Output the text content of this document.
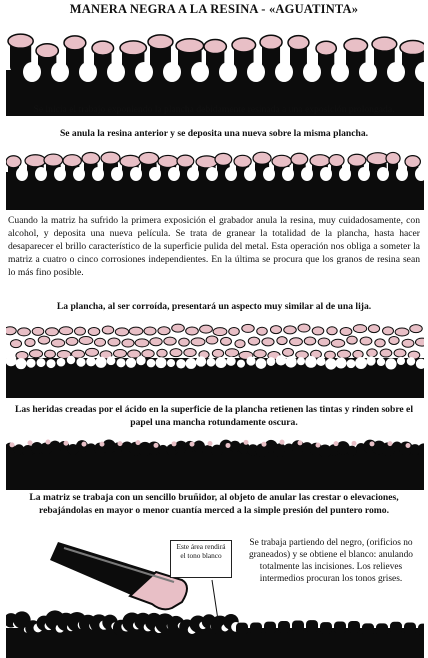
MANERA NEGRA A LA RESINA - «AGUATINTA»
Se inicia el trabajo exponiendo la plancha debidamente resinada a una exposición prolongada.
Se anula la resina anterior y se deposita una nueva sobre la misma plancha.
Cuando la matriz ha sufrido la primera exposición el grabador anula la resina, muy cuidadosamente, con alcohol, y deposita una nueva película. Se trata de granear la totalidad de la plancha, hasta hacer desaparecer el brillo característico de la superficie pulida del metal. Esta operación nos obliga a someter la matriz a cuatro o cinco corrosiones independientes. En la última se procura que los granos de resina sean lo más fino posible.
La plancha, al ser corroída, presentará un aspecto muy similar al de una lija.
Las heridas creadas por el ácido en la superficie de la plancha retienen las tintas y rinden sobre el papel una mancha rotundamente oscura.
La matriz se trabaja con un sencillo bruñidor, al objeto de anular las crestar o elevaciones, rebajándolas en mayor o menor cuantía merced a la simple presión del puntero romo.
Este área rendirá el tono blanco
Se trabaja partiendo del negro, (orificios no graneados) y se obtiene el blanco: anulando totalmente las incisiones. Los relieves intermedios procuran los tonos grises.
